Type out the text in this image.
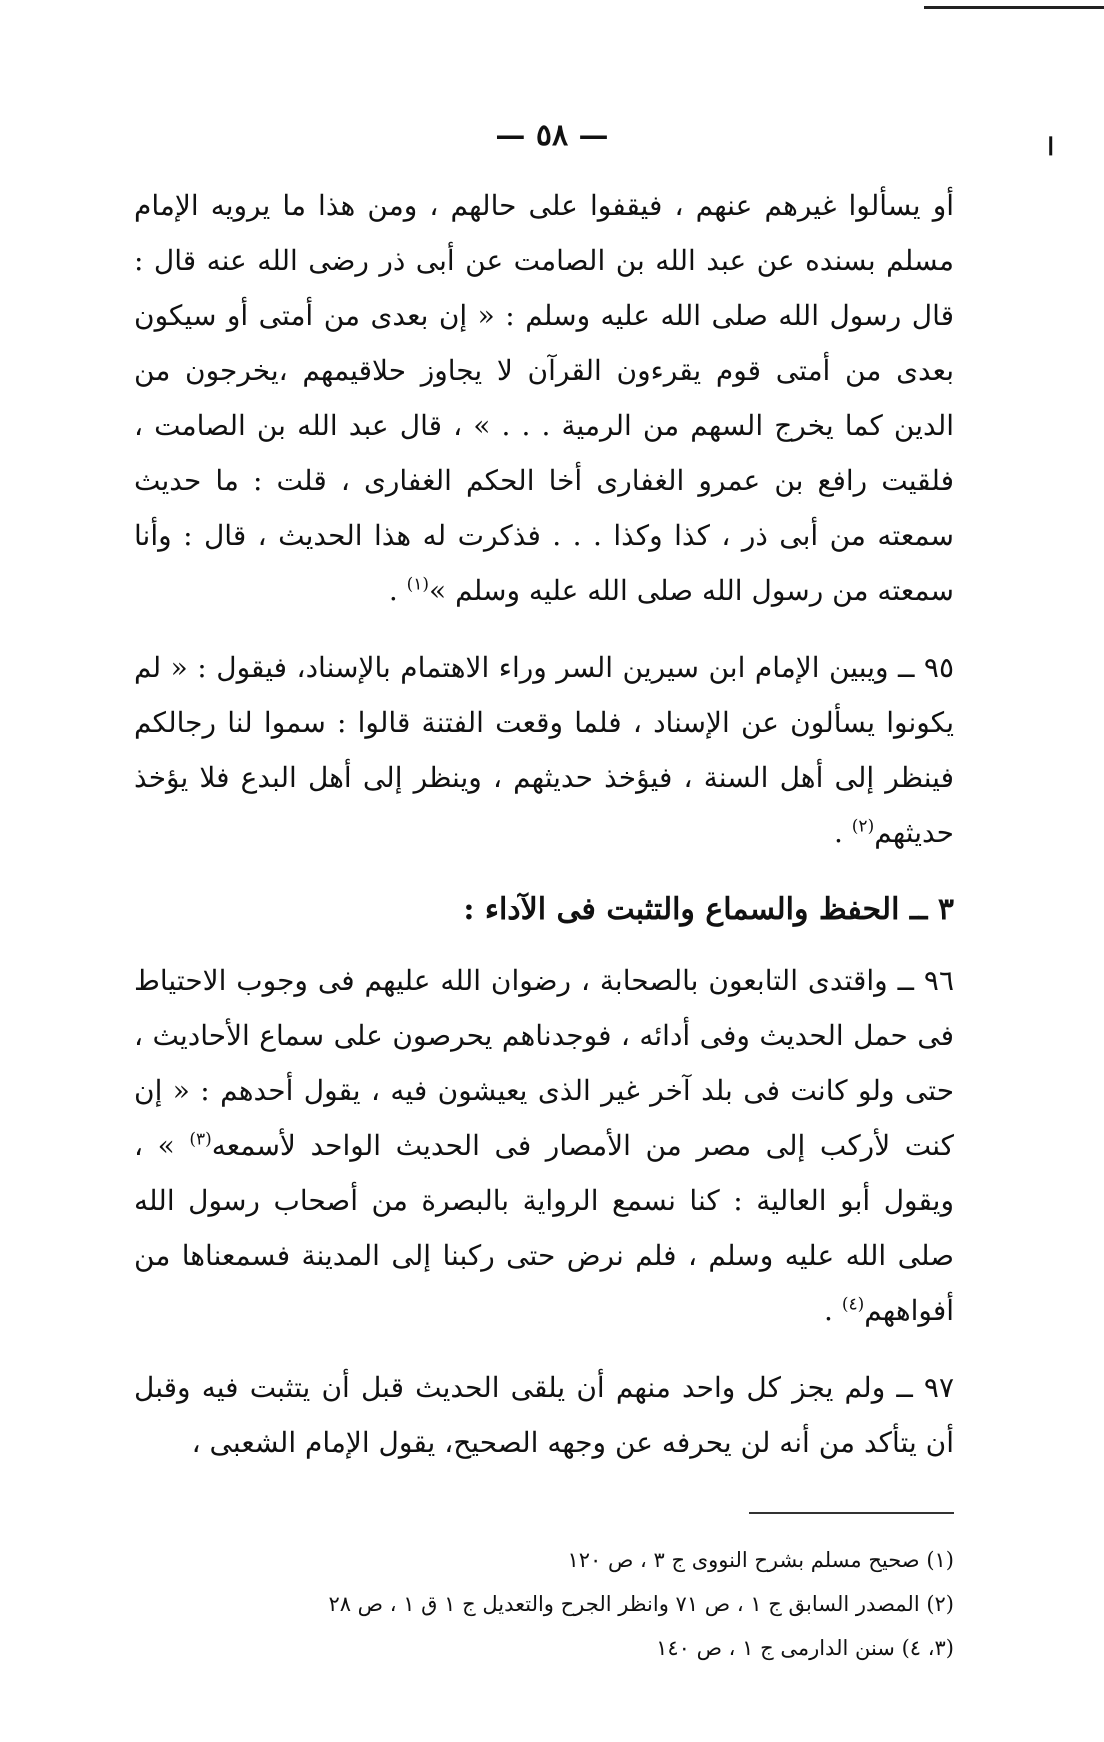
— ٥٨ —	ا

أو يسألوا غيرهم عنهم ، فيقفوا على حالهم ، ومن هذا ما يرويه الإمام مسلم بسنده عن عبد الله بن الصامت عن أبى ذر رضى الله عنه قال : قال رسول الله صلى الله عليه وسلم : « إن بعدى من أمتى أو سيكون بعدى من أمتى قوم يقرءون القرآن لا يجاوز حلاقيمهم ،يخرجون من الدين كما يخرج السهم من الرمية . . . » ، قال عبد الله بن الصامت ، فلقيت رافع بن عمرو الغفارى أخا الحكم الغفارى ، قلت : ما حديث سمعته من أبى ذر ، كذا وكذا . . . فذكرت له هذا الحديث ، قال : وأنا سمعته من رسول الله صلى الله عليه وسلم »$^{(١)}$ .

٩٥ ــ ويبين الإمام ابن سيرين السر وراء الاهتمام بالإسناد، فيقول : « لم يكونوا يسألون عن الإسناد ، فلما وقعت الفتنة قالوا : سموا لنا رجالكم فينظر إلى أهل السنة ، فيؤخذ حديثهم ، وينظر إلى أهل البدع فلا يؤخذ حديثهم$^{(٢)}$ .

٣ ــ الحفظ والسماع والتثبت فى الآداء :

٩٦ ــ واقتدى التابعون بالصحابة ، رضوان الله عليهم فى وجوب الاحتياط فى حمل الحديث وفى أدائه ، فوجدناهم يحرصون على سماع الأحاديث ، حتى ولو كانت فى بلد آخر غير الذى يعيشون فيه ، يقول أحدهم : « إن كنت لأركب إلى مصر من الأمصار فى الحديث الواحد لأسمعه$^{(٣)}$ » ، ويقول أبو العالية : كنا نسمع الرواية بالبصرة من أصحاب رسول الله صلى الله عليه وسلم ، فلم نرض حتى ركبنا إلى المدينة فسمعناها من أفواههم$^{(٤)}$ .

٩٧ ــ ولم يجز كل واحد منهم أن يلقى الحديث قبل أن يتثبت فيه وقبل أن يتأكد من أنه لن يحرفه عن وجهه الصحيح، يقول الإمام الشعبى ،

(١) صحيح مسلم بشرح النووى ج ٣ ، ص ١٢٠

(٢) المصدر السابق ج ١ ، ص ٧١ وانظر الجرح والتعديل ج ١ ق ١ ، ص ٢٨

(٣، ٤) سنن الدارمى ج ١ ، ص ١٤٠
